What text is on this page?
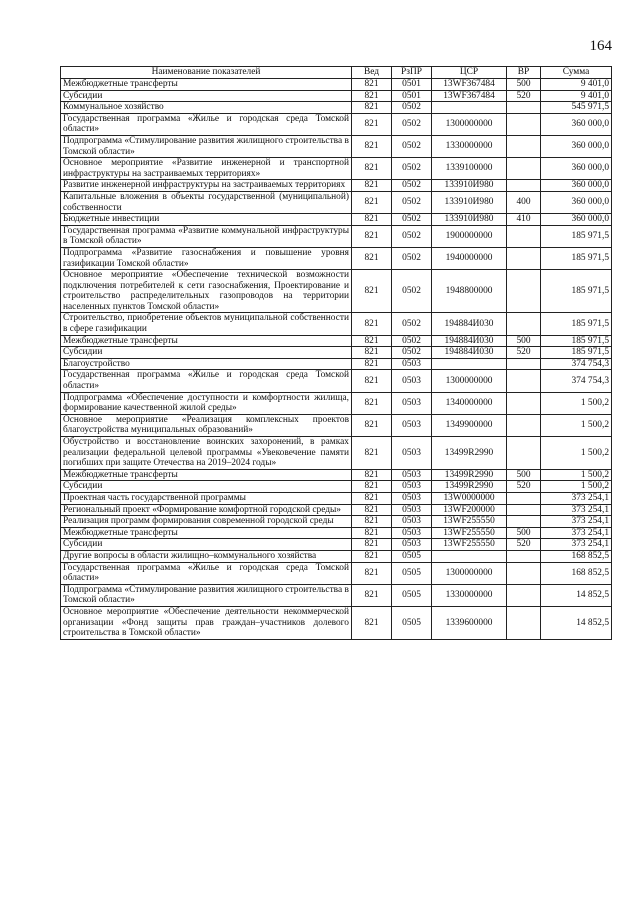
164
Наименование показателей	Вед	РзПР	ЦСР	ВР	Сумма
Межбюджетные трансферты	821	0501	13WF367484	500	9 401,0
Субсидии	821	0501	13WF367484	520	9 401,0
Коммунальное хозяйство	821	0502			545 971,5
Государственная программа «Жилье и городская среда Томской области»	821	0502	1300000000		360 000,0
Подпрограмма «Стимулирование развития жилищного строительства в Томской области»	821	0502	1330000000		360 000,0
Основное мероприятие «Развитие инженерной и транспортной инфраструктуры на застраиваемых территориях»	821	0502	1339100000		360 000,0
Развитие инженерной инфраструктуры на застраиваемых территориях	821	0502	133910И980		360 000,0
Капитальные вложения в объекты государственной (муниципальной) собственности	821	0502	133910И980	400	360 000,0
Бюджетные инвестиции	821	0502	133910И980	410	360 000,0
Государственная программа «Развитие коммунальной инфраструктуры в Томской области»	821	0502	1900000000		185 971,5
Подпрограмма «Развитие газоснабжения и повышение уровня газификации Томской области»	821	0502	1940000000		185 971,5
Основное мероприятие «Обеспечение технической возможности подключения потребителей к сети газоснабжения, Проектирование и строительство распределительных газопроводов на территории населенных пунктов Томской области»	821	0502	1948800000		185 971,5
Строительство, приобретение объектов муниципальной собственности в сфере газификации	821	0502	194884И030		185 971,5
Межбюджетные трансферты	821	0502	194884И030	500	185 971,5
Субсидии	821	0502	194884И030	520	185 971,5
Благоустройство	821	0503			374 754,3
Государственная программа «Жилье и городская среда Томской области»	821	0503	1300000000		374 754,3
Подпрограмма «Обеспечение доступности и комфортности жилища, формирование качественной жилой среды»	821	0503	1340000000		1 500,2
Основное мероприятие «Реализация комплексных проектов благоустройства муниципальных образований»	821	0503	1349900000		1 500,2
Обустройство и восстановление воинских захоронений, в рамках реализации федеральной целевой программы «Увековечение памяти погибших при защите Отечества на 2019–2024 годы»	821	0503	13499R2990		1 500,2
Межбюджетные трансферты	821	0503	13499R2990	500	1 500,2
Субсидии	821	0503	13499R2990	520	1 500,2
Проектная часть государственной программы	821	0503	13W0000000		373 254,1
Региональный проект «Формирование комфортной городской среды»	821	0503	13WF200000		373 254,1
Реализация программ формирования современной городской среды	821	0503	13WF255550		373 254,1
Межбюджетные трансферты	821	0503	13WF255550	500	373 254,1
Субсидии	821	0503	13WF255550	520	373 254,1
Другие вопросы в области жилищно–коммунального хозяйства	821	0505			168 852,5
Государственная программа «Жилье и городская среда Томской области»	821	0505	1300000000		168 852,5
Подпрограмма «Стимулирование развития жилищного строительства в Томской области»	821	0505	1330000000		14 852,5
Основное мероприятие «Обеспечение деятельности некоммерческой организации «Фонд защиты прав граждан–участников долевого строительства в Томской области»	821	0505	1339600000		14 852,5
